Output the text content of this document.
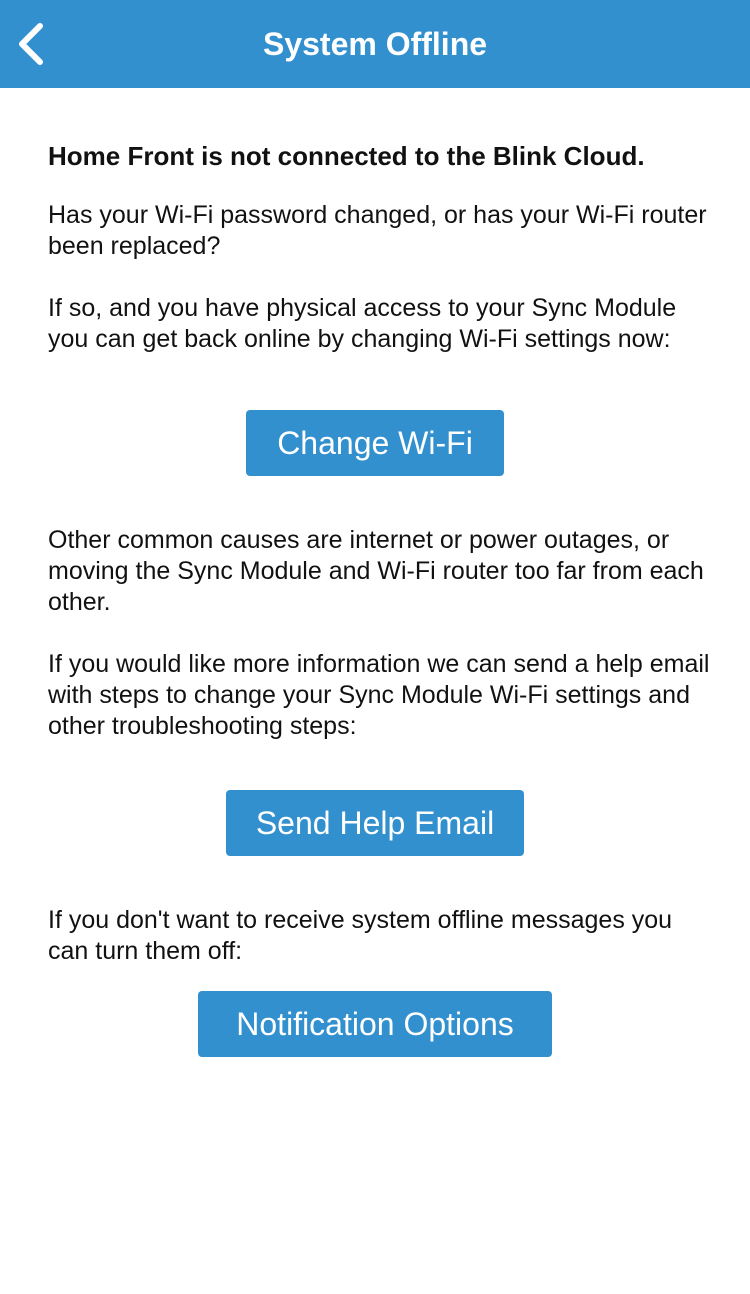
System Offline

Home Front is not connected to the Blink Cloud.

Has your Wi-Fi password changed, or has your Wi-Fi router been replaced?

If so, and you have physical access to your Sync Module you can get back online by changing Wi-Fi settings now:

Change Wi-Fi

Other common causes are internet or power outages, or moving the Sync Module and Wi-Fi router too far from each other.

If you would like more information we can send a help email with steps to change your Sync Module Wi-Fi settings and other troubleshooting steps:

Send Help Email

If you don't want to receive system offline messages you can turn them off:

Notification Options
